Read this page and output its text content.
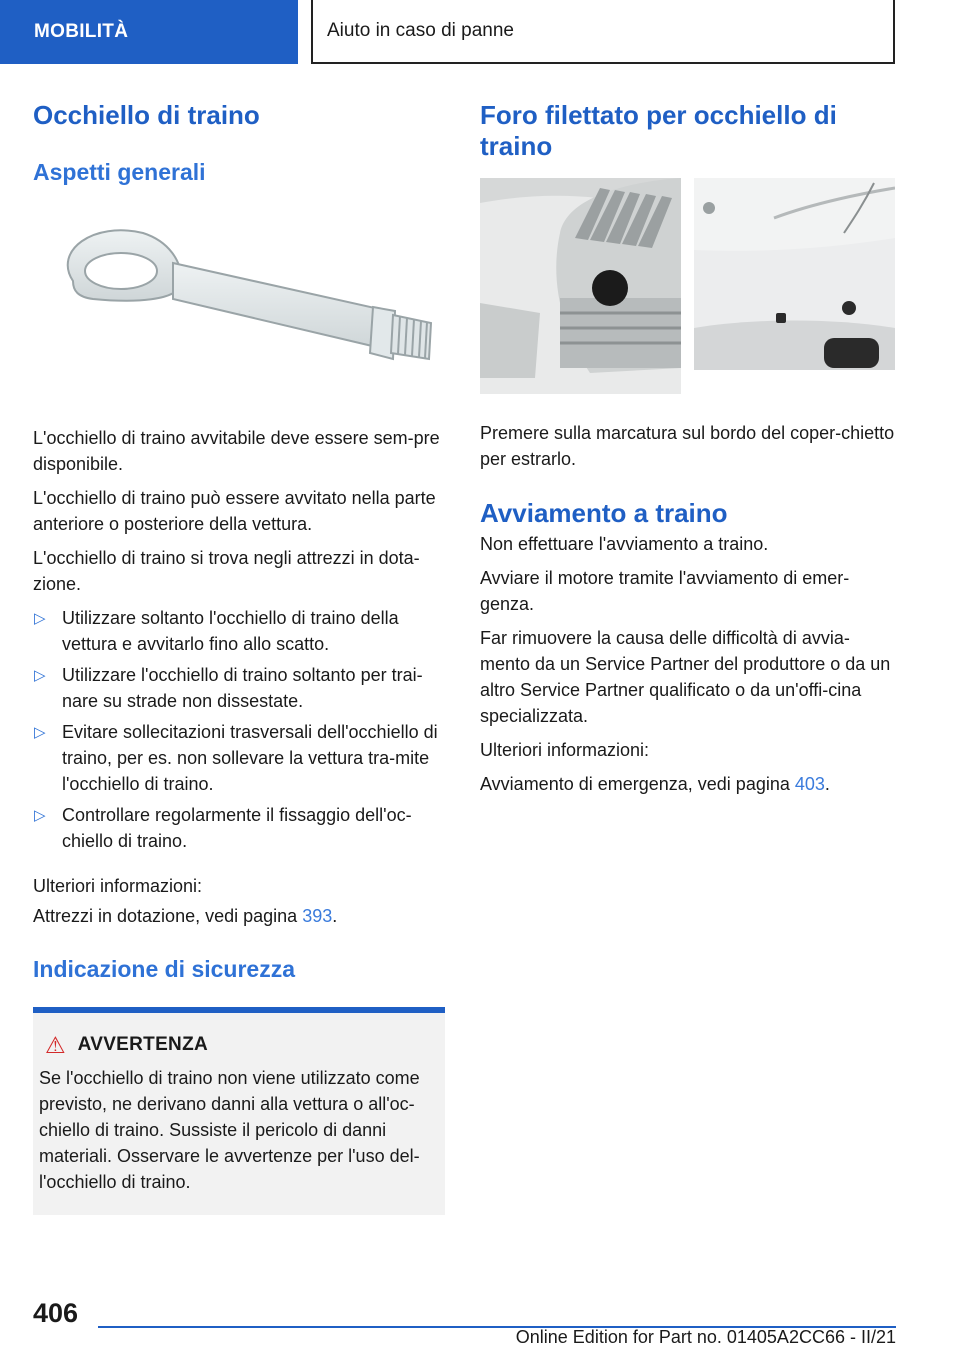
MOBILITÀ	Aiuto in caso di panne
Occhiello di traino
Aspetti generali

L'occhiello di traino avvitabile deve essere sem-pre disponibile.

L'occhiello di traino può essere avvitato nella parte anteriore o posteriore della vettura.

L'occhiello di traino si trova negli attrezzi in dota-zione.

▷ Utilizzare soltanto l'occhiello di traino della vettura e avvitarlo fino allo scatto.
▷ Utilizzare l'occhiello di traino soltanto per trai-nare su strade non dissestate.
▷ Evitare sollecitazioni trasversali dell'occhiello di traino, per es. non sollevare la vettura tra-mite l'occhiello di traino.
▷ Controllare regolarmente il fissaggio dell'oc-chiello di traino.

Ulteriori informazioni:

Attrezzi in dotazione, vedi pagina 393.

Indicazione di sicurezza
⚠ AVVERTENZA

Se l'occhiello di traino non viene utilizzato come previsto, ne derivano danni alla vettura o all'oc-chiello di traino. Sussiste il pericolo di danni materiali. Osservare le avvertenze per l'uso del-l'occhiello di traino.

Foro filettato per occhiello di traino

Premere sulla marcatura sul bordo del coper-chietto per estrarlo.

Avviamento a traino

Non effettuare l'avviamento a traino.

Avviare il motore tramite l'avviamento di emer-genza.

Far rimuovere la causa delle difficoltà di avvia-mento da un Service Partner del produttore o da un altro Service Partner qualificato o da un'offi-cina specializzata.

Ulteriori informazioni:

Avviamento di emergenza, vedi pagina 403.

406
Online Edition for Part no. 01405A2CC66 - II/21
